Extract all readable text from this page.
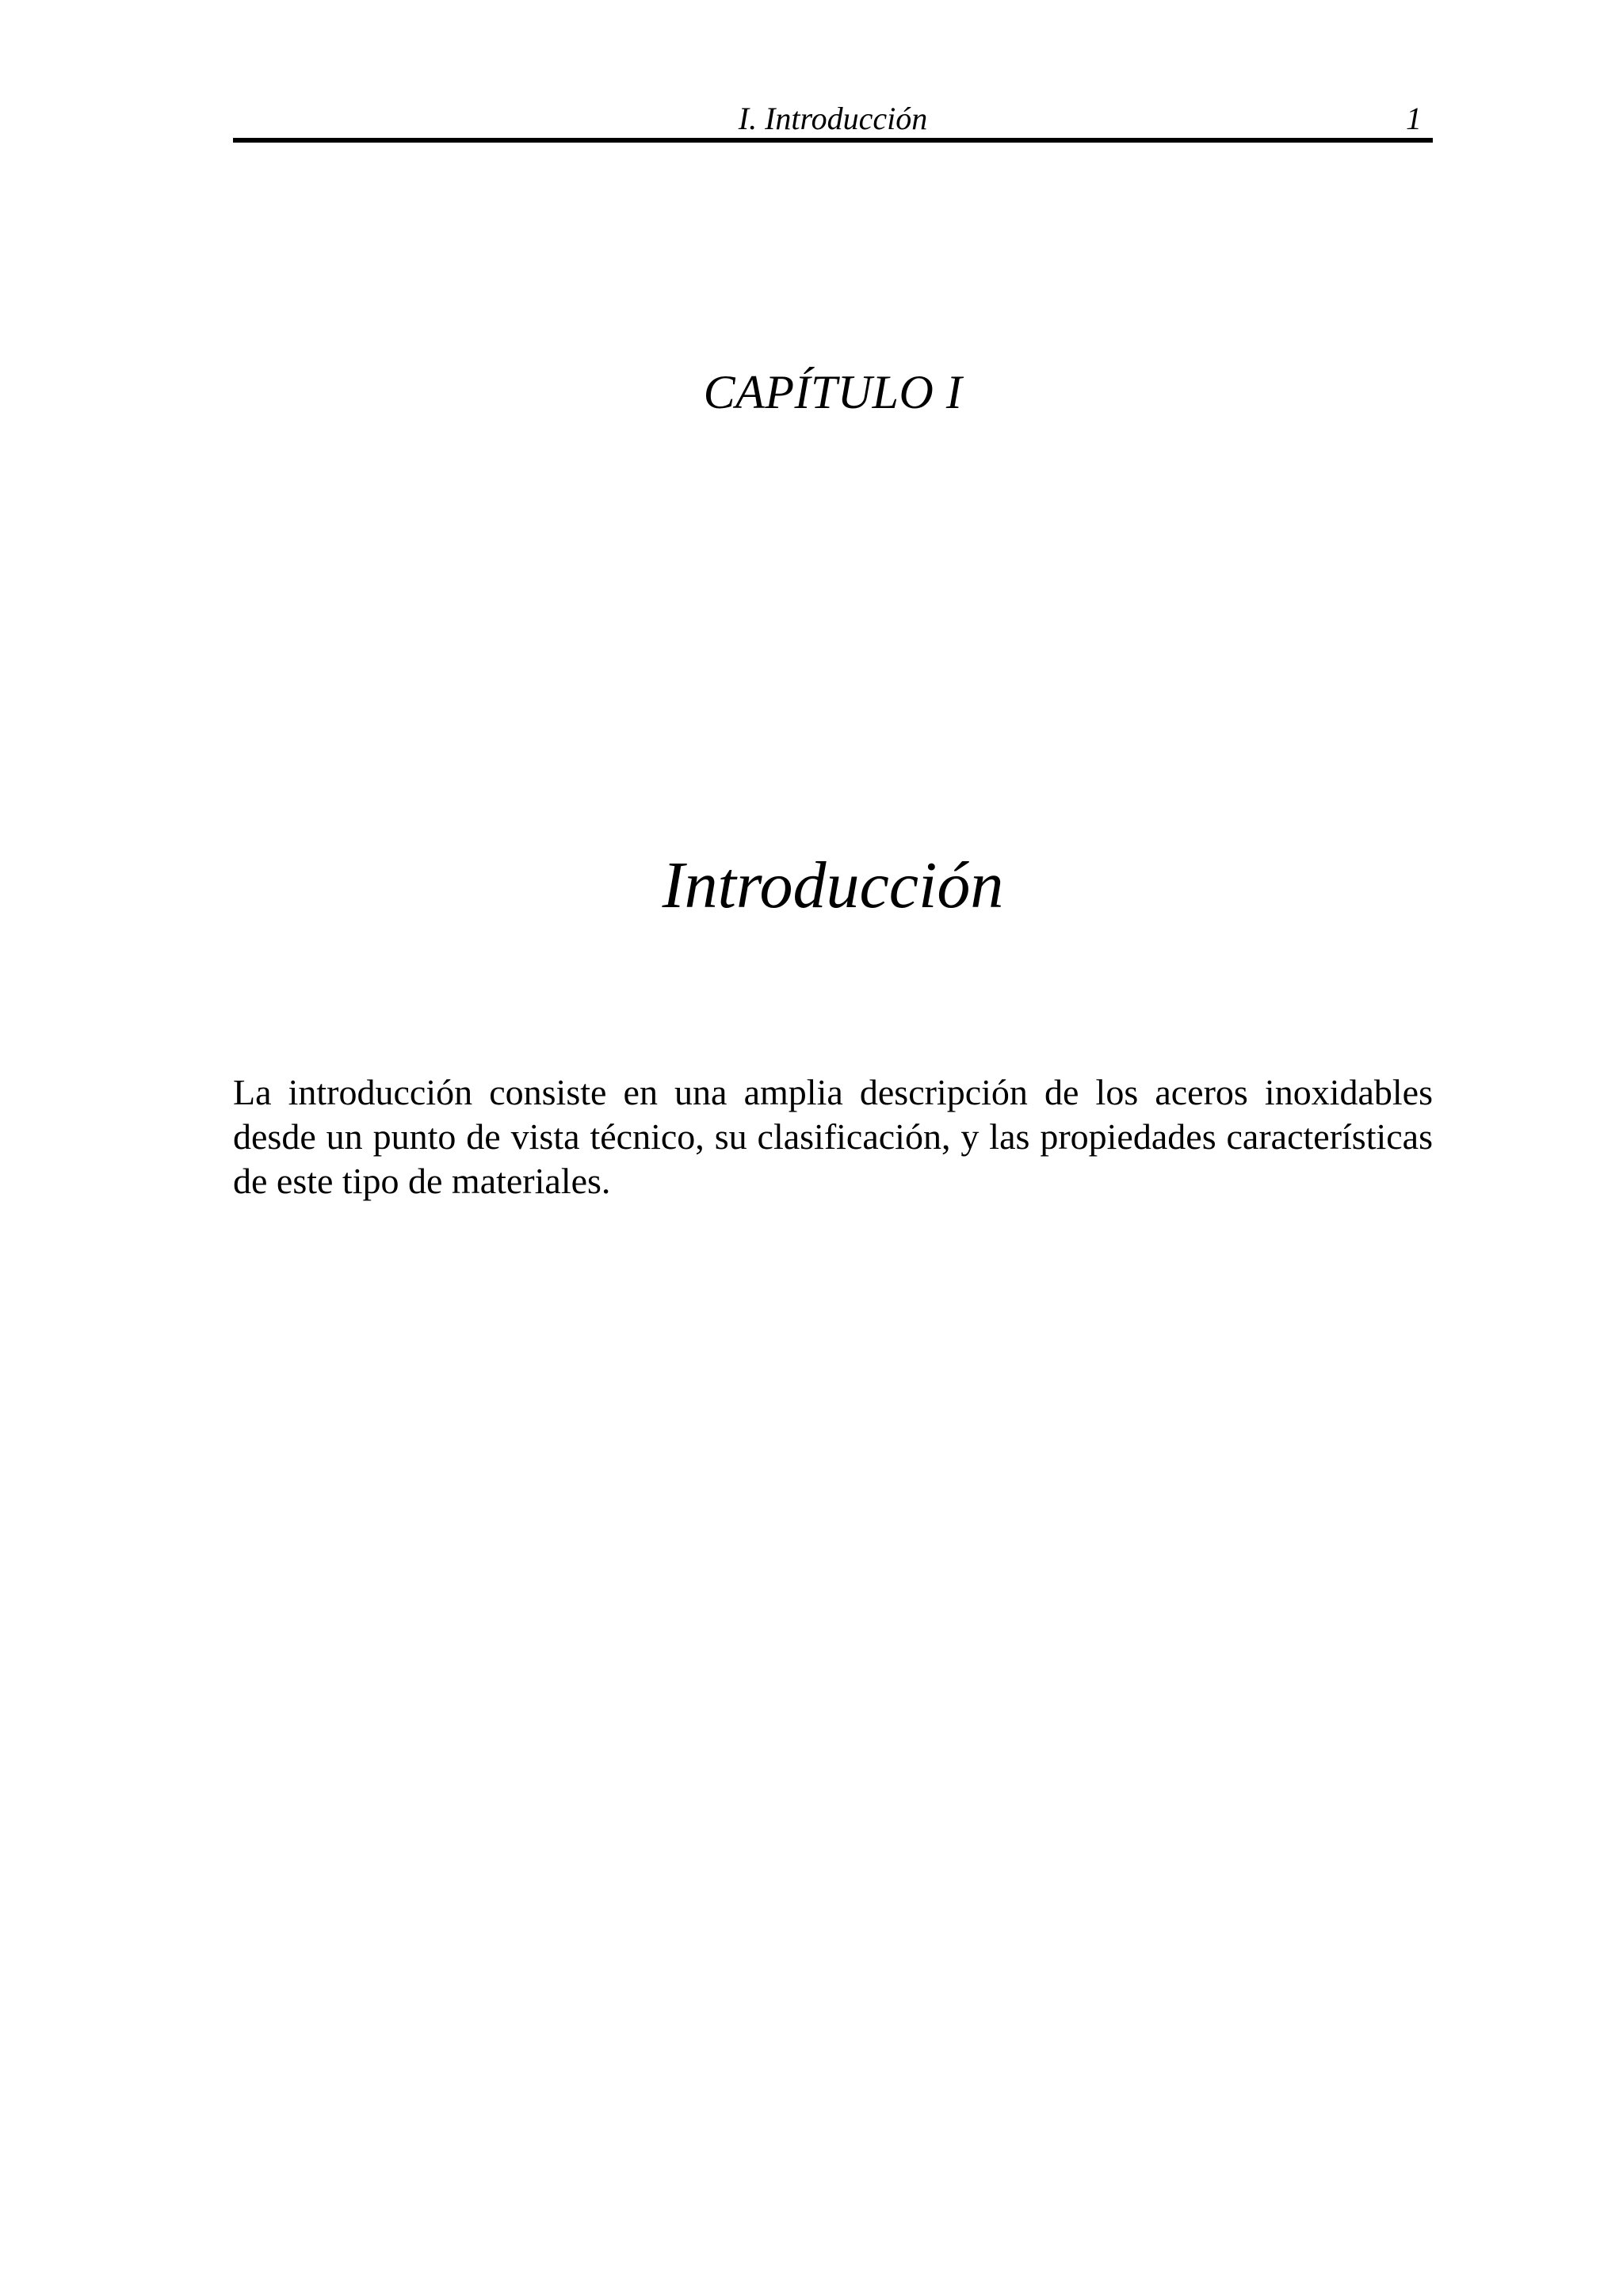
I. Introducción	1
CAPÍTULO I
Introducción

La introducción consiste en una amplia descripción de los aceros inoxidables desde un punto de vista técnico, su clasificación, y las propiedades características  de este tipo de materiales.
